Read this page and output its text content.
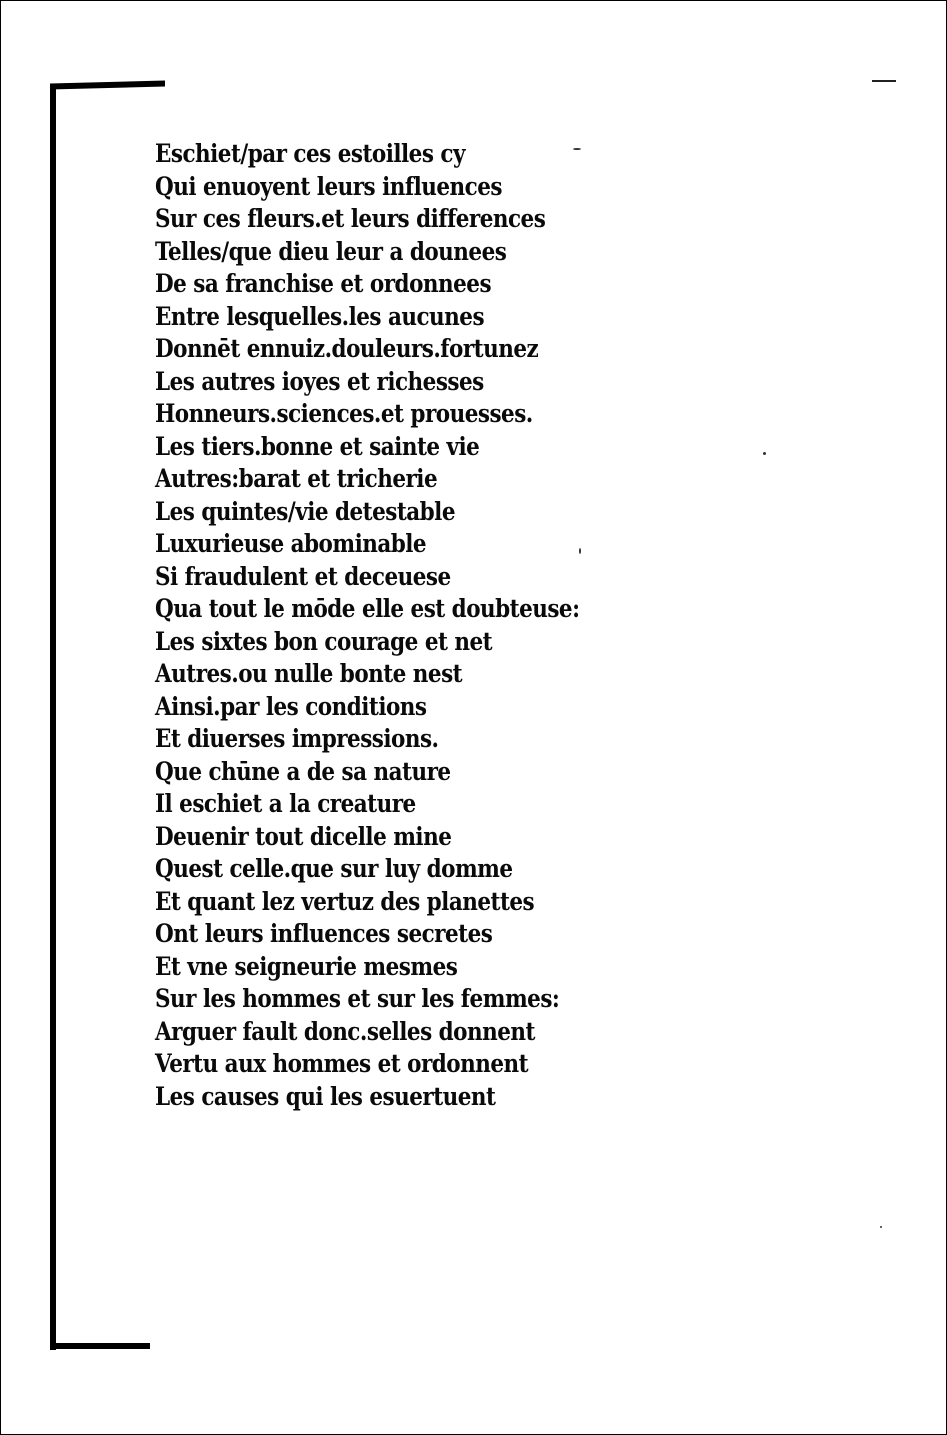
Eschiet/par ces estoilles cy
Qui enuoyent leurs influences
Sur ces fleurs.et leurs differences
Telles/que dieu leur a dounees
De sa franchise et ordonnees
Entre lesquelles.les aucunes
Donnēt ennuiz.douleurs.fortunez
Les autres ioyes et richesses
Honneurs.sciences.et prouesses.
Les tiers.bonne et sainte vie
Autres:barat et tricherie
Les quintes/vie detestable
Luxurieuse abominable
Si fraudulent et deceuese
Qua tout le mōde elle est doubteuse:
Les sixtes bon courage et net
Autres.ou nulle bonte nest
Ainsi.par les conditions
Et diuerses impressions.
Que chūne a de sa nature
Il eschiet a la creature
Deuenir tout dicelle mine
Quest celle.que sur luy domme
Et quant lez vertuz des planettes
Ont leurs influences secretes
Et vne seigneurie mesmes
Sur les hommes et sur les femmes:
Arguer fault donc.selles donnent
Vertu aux hommes et ordonnent
Les causes qui les esuertuent
